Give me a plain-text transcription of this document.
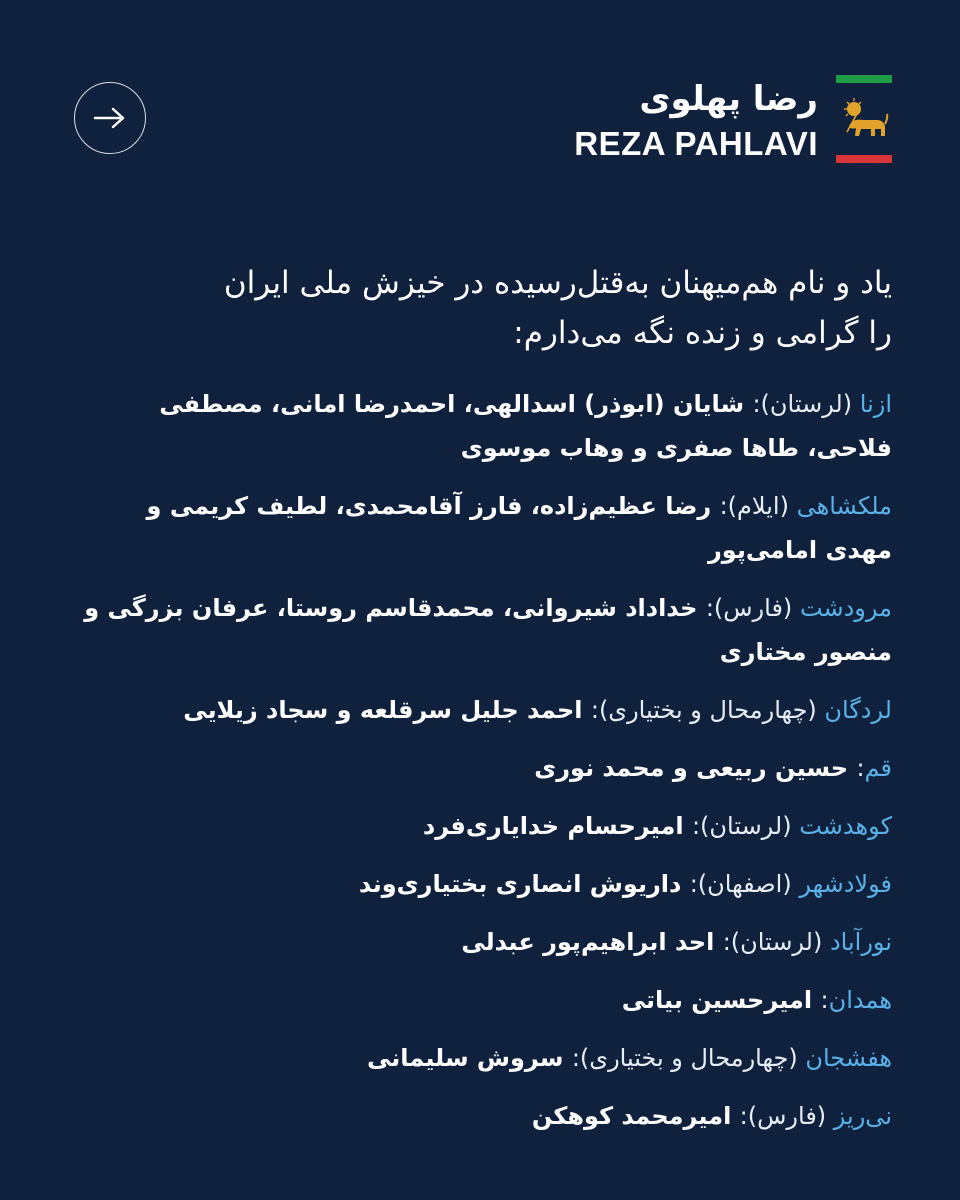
رضا پهلوی
REZA PAHLAVI

یاد و نام هم‌میهنان به‌قتل‌رسیده در خیزش ملی ایران
را گرامی و زنده نگه می‌دارم:

ازنا (لرستان): شایان (ابوذر) اسدالهی، احمدرضا امانی، مصطفی فلاحی، طاها صفری و وهاب موسوی

ملکشاهی (ایلام): رضا عظیم‌زاده، فارز آقامحمدی، لطیف کریمی و مهدی امامی‌پور

مرودشت (فارس): خداداد شیروانی، محمدقاسم روستا، عرفان بزرگی و منصور مختاری

لردگان (چهارمحال و بختیاری): احمد جلیل سرقلعه و سجاد زیلایی

قم: حسین ربیعی و محمد نوری

کوهدشت (لرستان): امیرحسام خدایاری‌فرد

فولادشهر (اصفهان): داریوش انصاری بختیاری‌وند

نورآباد (لرستان): احد ابراهیم‌پور عبدلی

همدان: امیرحسین بیاتی

هفشجان (چهارمحال و بختیاری): سروش سلیمانی

نی‌ریز (فارس): امیرمحمد کوهکن
